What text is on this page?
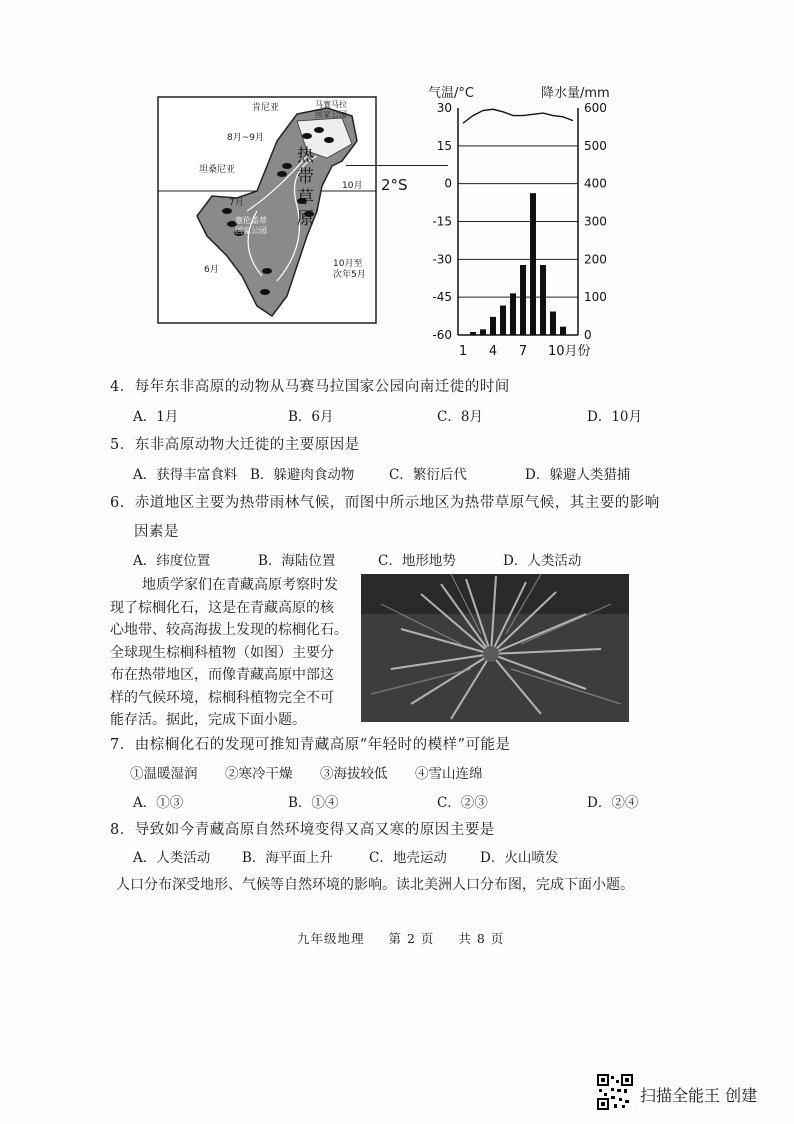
肯尼亚	马赛马拉
国家公园
8月~9月
坦桑尼亚
10月
7月
塞伦盖蒂
国家公园
6月
10月至
次年5月
热
带
草
原
2°S
气温/°C	降水量/mm
30	600
15	500
0	400
-15	300
-30	200
-45	100
-60	0
1 4 7 10月份
4．每年东非高原的动物从马赛马拉国家公园向南迁徙的时间
A．1月	B．6月	C．8月	D．10月
5．东非高原动物大迁徙的主要原因是
A．获得丰富食料 B．躲避肉食动物	C．繁衍后代	D．躲避人类猎捕
6．赤道地区主要为热带雨林气候，而图中所示地区为热带草原气候，其主要的影响
因素是
A．纬度位置	B．海陆位置	C．地形地势	D．人类活动
地质学家们在青藏高原考察时发
现了棕榈化石，这是在青藏高原的核
心地带、较高海拔上发现的棕榈化石。
全球现生棕榈科植物（如图）主要分
布在热带地区，而像青藏高原中部这
样的气候环境，棕榈科植物完全不可
能存活。据此，完成下面小题。
7．由棕榈化石的发现可推知青藏高原“年轻时的模样”可能是
①温暖湿润 ②寒冷干燥 ③海拔较低 ④雪山连绵
A．①③	B．①④	C．②③	D．②④
8．导致如今青藏高原自然环境变得又高又寒的原因主要是
A．人类活动 B．海平面上升	C．地壳运动 D．火山喷发
人口分布深受地形、气候等自然环境的影响。读北美洲人口分布图，完成下面小题。
九年级地理 第 2 页 共 8 页
扫描全能王 创建
